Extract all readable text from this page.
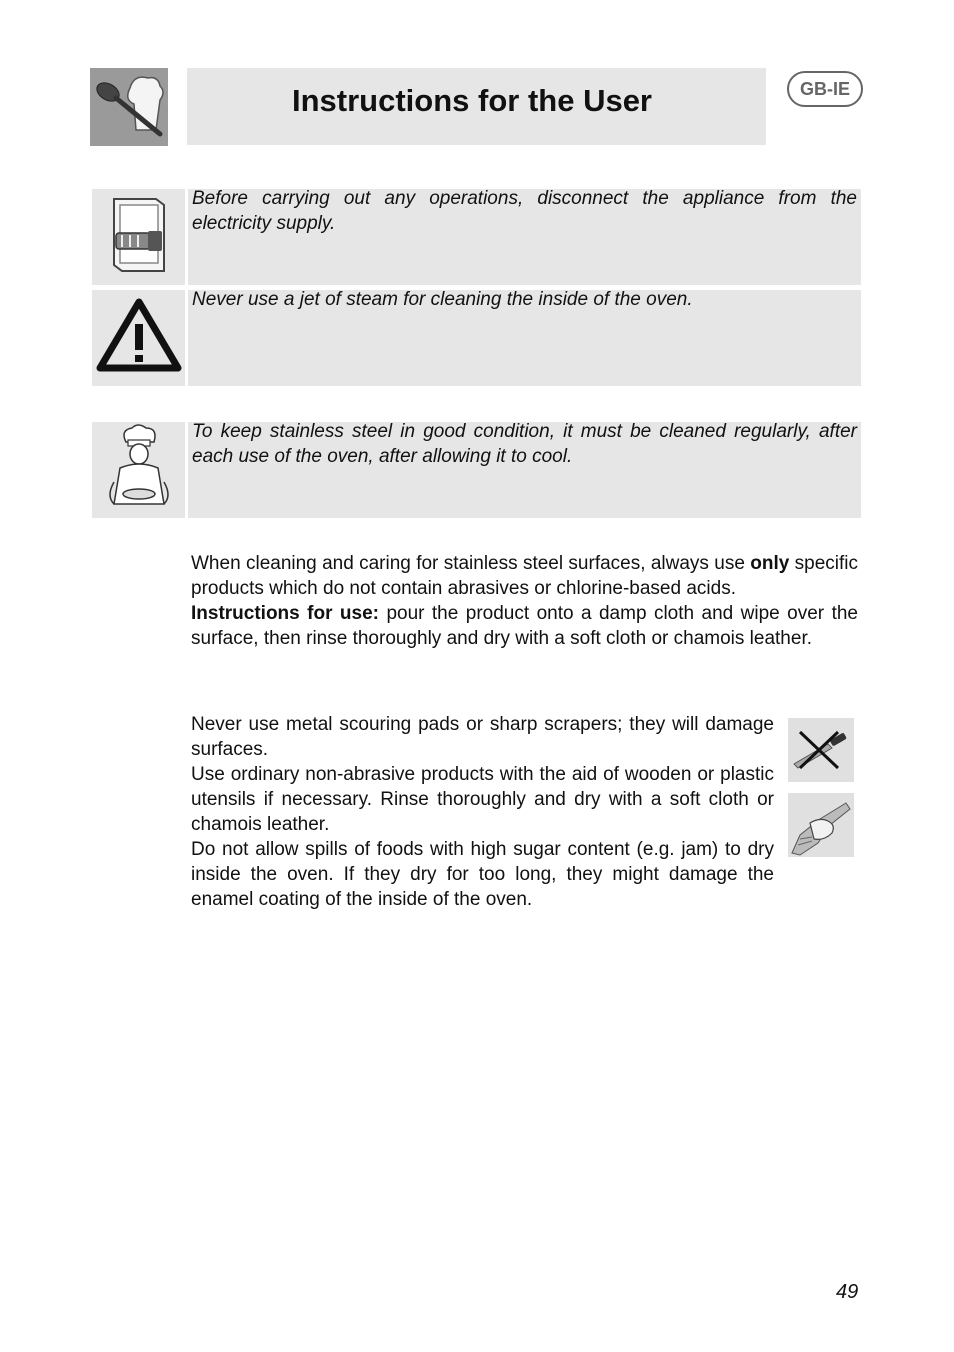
Instructions for the User	GB-IE
Before carrying out any operations, disconnect the appliance from the electricity supply.
Never use a jet of steam for cleaning the inside of the oven.
To keep stainless steel in good condition, it must be cleaned regularly, after each use of the oven, after allowing it to cool.

When cleaning and caring for stainless steel surfaces, always use only specific products which do not contain abrasives or chlorine-based acids.

Instructions for use: pour the product onto a damp cloth and wipe over the surface, then rinse thoroughly and dry with a soft cloth or chamois leather.

Never use metal scouring pads or sharp scrapers; they will damage surfaces.

Use ordinary non-abrasive products with the aid of wooden or plastic utensils if necessary. Rinse thoroughly and dry with a soft cloth or chamois leather.

Do not allow spills of foods with high sugar content (e.g. jam) to dry inside the oven. If they dry for too long, they might damage the enamel coating of the inside of the oven.

49
